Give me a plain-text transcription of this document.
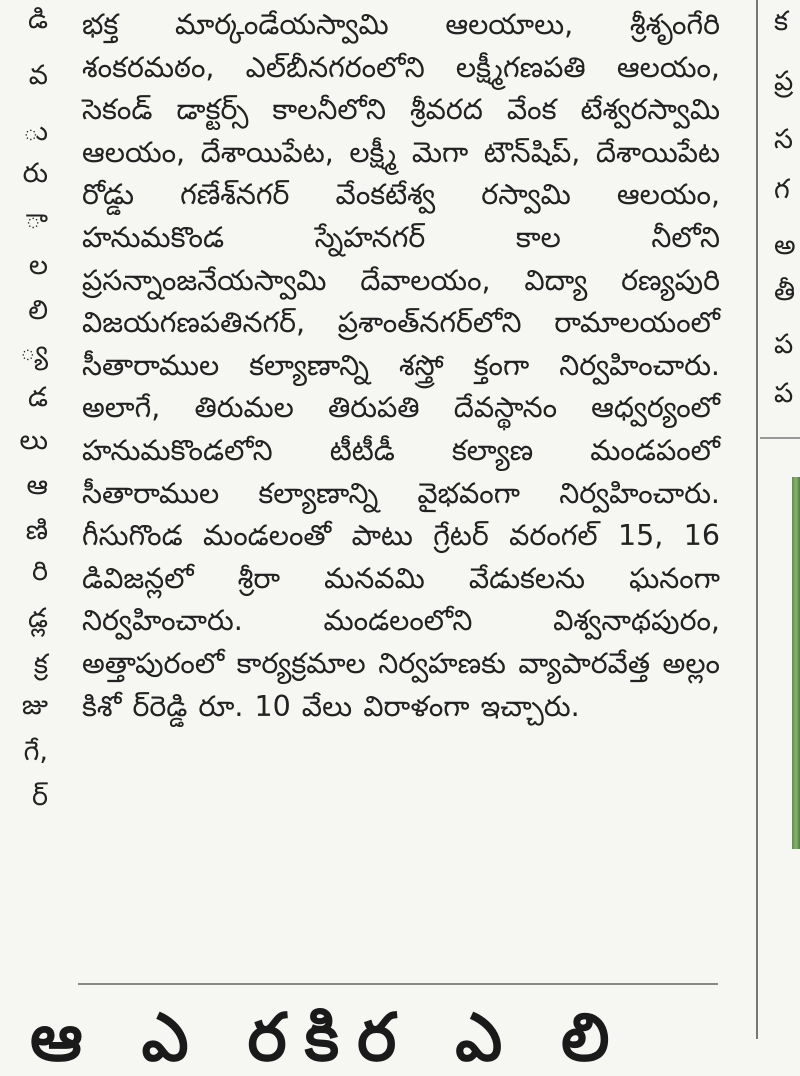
డి
వ
ు
రు
ా
ల
లి
్య
డ
లు
ఆ
ణి
రి
డ్ల
క్ర
జు
గే,
ర్

భక్త మార్కండేయస్వామి ఆలయాలు, శ్రీశృంగేరి శంకరమఠం, ఎల్‌బీనగరంలోని లక్ష్మీగణపతి ఆలయం, సెకండ్ డాక్టర్స్ కాలనీలోని శ్రీవరద వేంక టేశ్వరస్వామి ఆలయం, దేశాయిపేట, లక్ష్మీ మెగా టౌన్‌షిప్, దేశాయిపేట రోడ్డు గణేశ్‌నగర్ వేంకటేశ్వ రస్వామి ఆలయం, హనుమకొండ స్నేహనగర్ కాల నీలోని ప్రసన్నాంజనేయస్వామి దేవాలయం, విద్యా రణ్యపురి విజయగణపతినగర్, ప్రశాంత్‌నగర్‌లోని రామాలయంలో సీతారాముల కల్యాణాన్ని శస్త్రో క్తంగా నిర్వహించారు. అలాగే, తిరుమల తిరుపతి దేవస్థానం ఆధ్వర్యంలో హనుమకొండలోని టీటీడీ కల్యాణ మండపంలో సీతారాముల కల్యాణాన్ని వైభవంగా నిర్వహించారు. గీసుగొండ మండలంతో పాటు గ్రేటర్ వరంగల్ 15, 16 డివిజన్లలో శ్రీరా మనవమి వేడుకలను ఘనంగా నిర్వహించారు. మండలంలోని విశ్వనాథపురం, అత్తాపురంలో కార్యక్రమాల నిర్వహణకు వ్యాపారవేత్త అల్లం కిశో ర్‌రెడ్డి రూ. 10 వేలు విరాళంగా ఇచ్చారు.

ఆ ఎ రకిర ఎ లి
క
ప్ర
స
గ
అ
తీ
ప
ప
